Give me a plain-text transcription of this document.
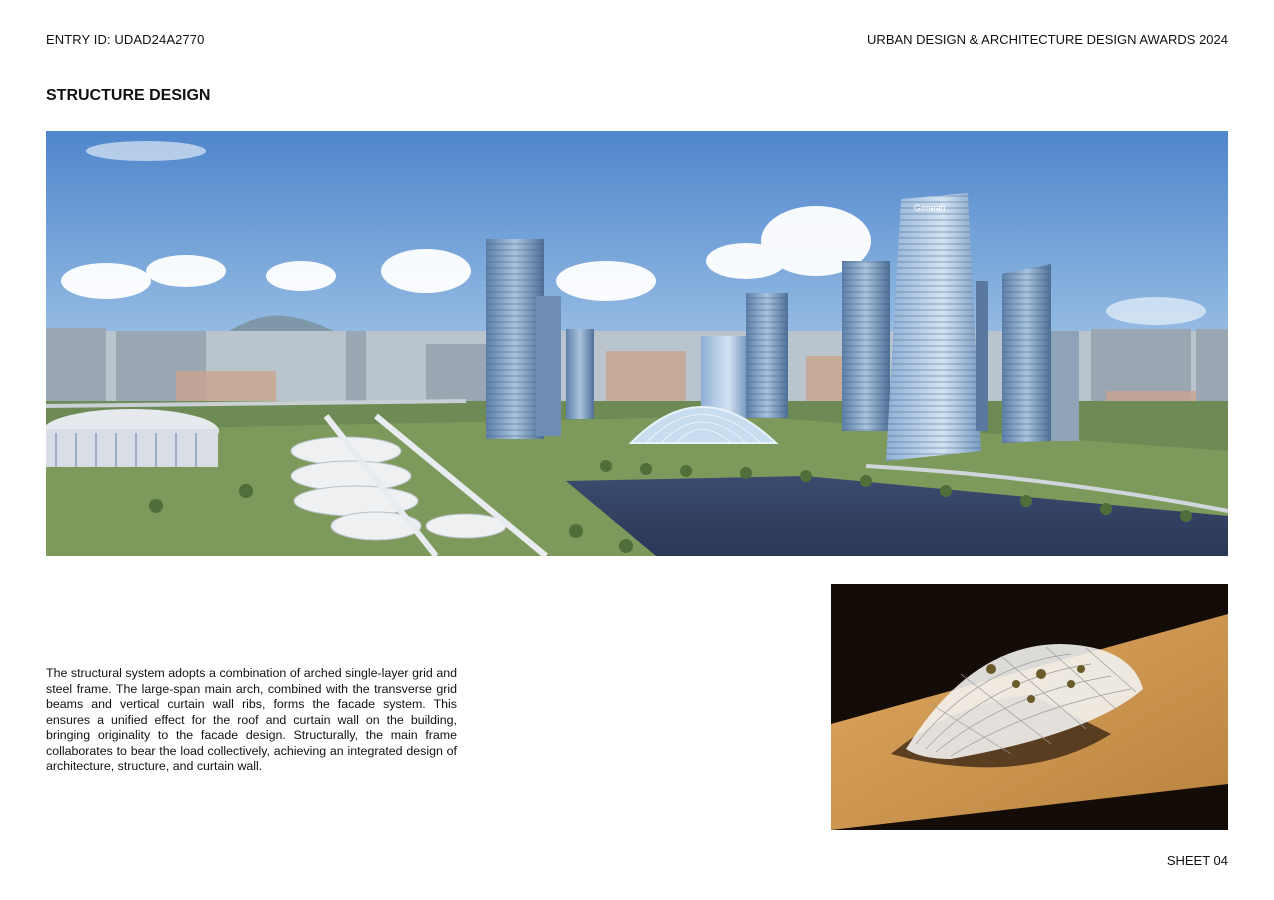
ENTRY ID: UDAD24A2770	URBAN DESIGN & ARCHITECTURE DESIGN AWARDS 2024
STRUCTURE DESIGN
Gimeah
The structural system adopts a combination of arched single-layer grid and steel frame. The large-span main arch, combined with the transverse grid beams and vertical curtain wall ribs, forms the facade system. This ensures a unified effect for the roof and curtain wall on the building, bringing originality to the facade design. Structurally, the main frame collaborates to bear the load collectively, achieving an integrated design of architecture, structure, and curtain wall.
SHEET 04
